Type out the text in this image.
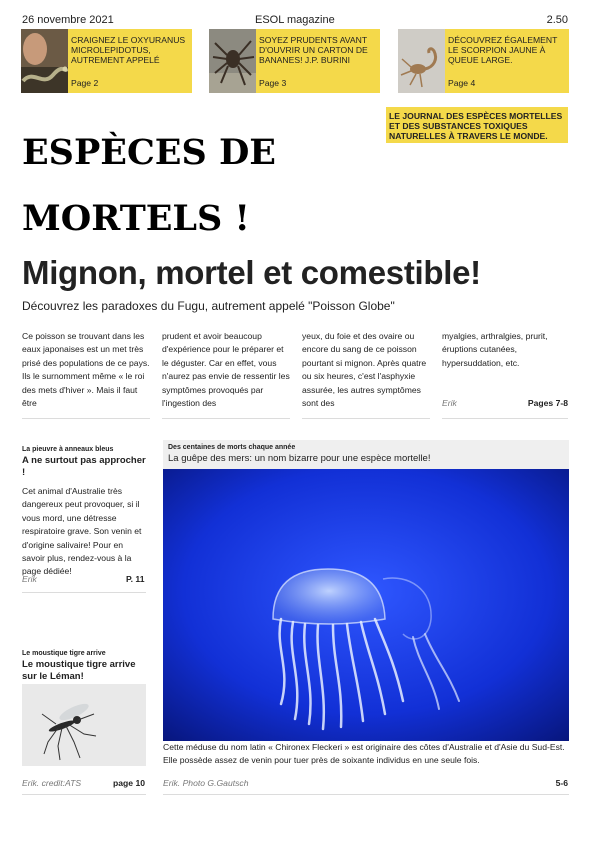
26 novembre 2021	ESOL magazine	2.50
CRAIGNEZ LE OXYURANUS MICROLEPIDOTUS, AUTREMENT APPELÉ
Page 2
SOYEZ PRUDENTS AVANT D'OUVRIR UN CARTON DE BANANES! J.P. BURINI
Page 3
DÉCOUVREZ ÉGALEMENT LE SCORPION JAUNE À QUEUE LARGE.
Page 4
LE JOURNAL DES ESPÈCES MORTELLES ET DES SUBSTANCES TOXIQUES NATURELLES À TRAVERS LE MONDE.
ESPÈCES DE
MORTELS !
Mignon, mortel et comestible!
Découvrez les paradoxes du Fugu, autrement appelé "Poisson Globe"
Ce poisson se trouvant dans les eaux japonaises est un met très prisé des populations de ce pays. Ils le surnomment même « le roi des mets d'hiver ». Mais il faut être
prudent et avoir beaucoup d'expérience pour le préparer et le déguster. Car en effet, vous n'aurez pas envie de ressentir les symptômes provoqués par l'ingestion des
yeux, du foie et des ovaire ou encore du sang de ce poisson pourtant si mignon. Après quatre ou six heures, c'est l'asphyxie assurée, les autres symptômes sont des
myalgies, arthralgies, prurit, éruptions cutanées, hypersuddation, etc.
Erik	Pages 7-8
La pieuvre à anneaux bleus
A ne surtout pas approcher !
Cet animal d'Australie très dangereux peut provoquer, si il vous mord, une détresse respiratoire grave. Son venin et d'origine salivaire! Pour en savoir plus, rendez-vous à la page dédiée!
Erik	P. 11
Le moustique tigre arrive
Le moustique tigre arrive sur le Léman!
Erik. credit:ATS	page 10
Des centaines de morts chaque année
La guêpe des mers: un nom bizarre pour une espèce mortelle!
Cette méduse du nom latin « Chironex Fleckeri » est originaire des côtes d'Australie et d'Asie du Sud-Est. Elle possède assez de venin pour tuer près de soixante individus en une seule fois.
Erik. Photo G.Gautsch	5-6
